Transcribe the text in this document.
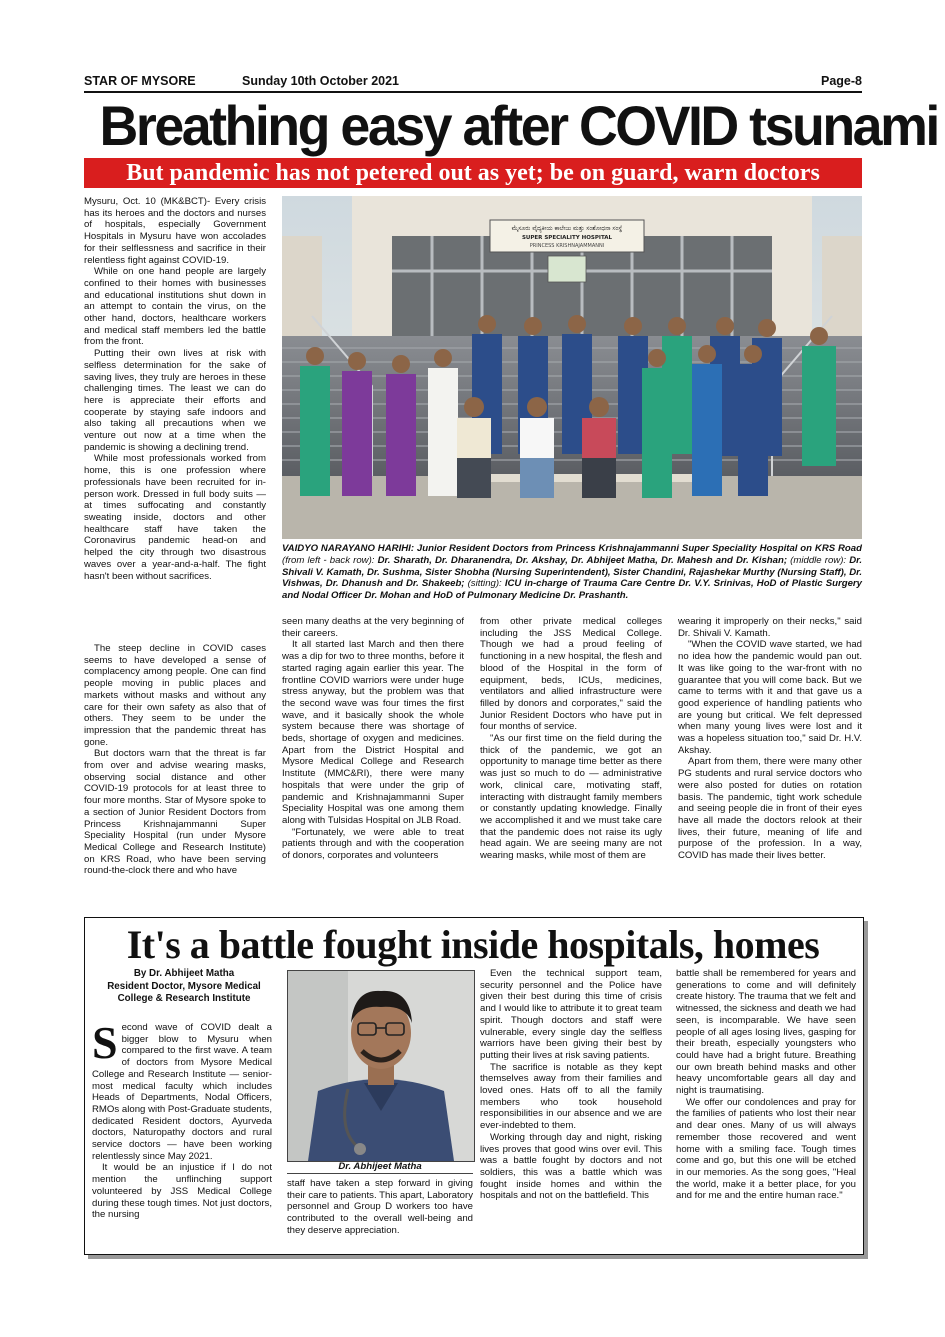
STAR OF MYSORE	Sunday 10th October 2021	Page-8
Breathing easy after COVID tsunami
But pandemic has not petered out as yet; be on guard, warn doctors

Mysuru, Oct. 10 (MK&BCT)- Every crisis has its heroes and the doctors and nurses of hospitals, especially Government Hospitals in Mysuru have won accolades for their selflessness and sacrifice in their relentless fight against COVID-19.

While on one hand people are largely confined to their homes with businesses and educational institutions shut down in an attempt to contain the virus, on the other hand, doctors, healthcare workers and medical staff members led the battle from the front.

Putting their own lives at risk with selfless determination for the sake of saving lives, they truly are heroes in these challenging times. The least we can do here is appreciate their efforts and cooperate by staying safe indoors and also taking all precautions when we venture out now at a time when the pandemic is showing a declining trend.

While most professionals worked from home, this is one profession where professionals have been recruited for in-person work. Dressed in full body suits — at times suffocating and constantly sweating inside, doctors and other healthcare staff have taken the Coronavirus pandemic head-on and helped the city through two disastrous waves over a year-and-a-half. The fight hasn't been without sacrifices.

The steep decline in COVID cases seems to have developed a sense of complacency among people. One can find people moving in public places and markets without masks and without any care for their own safety as also that of others. They seem to be under the impression that the pandemic threat has gone.

But doctors warn that the threat is far from over and advise wearing masks, observing social distance and other COVID-19 protocols for at least three to four more months. Star of Mysore spoke to a section of Junior Resident Doctors from Princess Krishnajammanni Super Speciality Hospital (run under Mysore Medical College and Research Institute) on KRS Road, who have been serving round-the-clock there and who have

ಮೈಸೂರು ವೈದ್ಯಕೀಯ ಕಾಲೇಜು ಮತ್ತು ಸಂಶೋಧನಾ ಸಂಸ್ಥೆ
SUPER SPECIALITY HOSPITAL
PRINCESS KRISHNAJAMMANNI
VAIDYO NARAYANO HARIHI: Junior Resident Doctors from Princess Krishnajammanni Super Speciality Hospital on KRS Road (from left - back row): Dr. Sharath, Dr. Dharanendra, Dr. Akshay, Dr. Abhijeet Matha, Dr. Mahesh and Dr. Kishan; (middle row): Dr. Shivali V. Kamath, Dr. Sushma, Sister Shobha (Nursing Superintendent), Sister Chandini, Rajashekar Murthy (Nursing Staff), Dr. Vishwas, Dr. Dhanush and Dr. Shakeeb; (sitting): ICU in-charge of Trauma Care Centre Dr. V.Y. Srinivas, HoD of Plastic Surgery and Nodal Officer Dr. Mohan and HoD of Pulmonary Medicine Dr. Prashanth.

seen many deaths at the very beginning of their careers.

It all started last March and then there was a dip for two to three months, before it started raging again earlier this year. The frontline COVID warriors were under huge stress anyway, but the problem was that the second wave was four times the first wave, and it basically shook the whole system because there was shortage of beds, shortage of oxygen and medicines. Apart from the District Hospital and Mysore Medical College and Research Institute (MMC&RI), there were many hospitals that were under the grip of pandemic and Krishnajammanni Super Speciality Hospital was one among them along with Tulsidas Hospital on JLB Road.

"Fortunately, we were able to treat patients through and with the cooperation of donors, corporates and volunteers

from other private medical colleges including the JSS Medical College. Though we had a proud feeling of functioning in a new hospital, the flesh and blood of the Hospital in the form of equipment, beds, ICUs, medicines, ventilators and allied infrastructure were filled by donors and corporates," said the Junior Resident Doctors who have put in four months of service.

"As our first time on the field during the thick of the pandemic, we got an opportunity to manage time better as there was just so much to do — administrative work, clinical care, motivating staff, interacting with distraught family members or constantly updating knowledge. Finally we accomplished it and we must take care that the pandemic does not raise its ugly head again. We are seeing many are not wearing masks, while most of them are

wearing it improperly on their necks," said Dr. Shivali V. Kamath.

"When the COVID wave started, we had no idea how the pandemic would pan out. It was like going to the war-front with no guarantee that you will come back. But we came to terms with it and that gave us a good experience of handling patients who are young but critical. We felt depressed when many young lives were lost and it was a hopeless situation too," said Dr. H.V. Akshay.

Apart from them, there were many other PG students and rural service doctors who were also posted for duties on rotation basis. The pandemic, tight work schedule and seeing people die in front of their eyes have all made the doctors relook at their lives, their future, meaning of life and purpose of the profession. In a way, COVID has made their lives better.

It's a battle fought inside hospitals, homes
By Dr. Abhijeet Matha
Resident Doctor, Mysore Medical
College & Research Institute

Second wave of COVID dealt a bigger blow to Mysuru when compared to the first wave. A team of doctors from Mysore Medical College and Research Institute — senior-most medical faculty which includes Heads of Departments, Nodal Officers, RMOs along with Post-Graduate students, dedicated Resident doctors, Ayurveda doctors, Naturopathy doctors and rural service doctors — have been working relentlessly since May 2021.

It would be an injustice if I do not mention the unflinching support volunteered by JSS Medical College during these tough times. Not just doctors, the nursing

Dr. Abhijeet Matha

staff have taken a step forward in giving their care to patients. This apart, Laboratory personnel and Group D workers too have contributed to the overall well-being and they deserve appreciation.

Even the technical support team, security personnel and the Police have given their best during this time of crisis and I would like to attribute it to great team spirit. Though doctors and staff were vulnerable, every single day the selfless warriors have been giving their best by putting their lives at risk saving patients.

The sacrifice is notable as they kept themselves away from their families and loved ones. Hats off to all the family members who took household responsibilities in our absence and we are ever-indebted to them.

Working through day and night, risking lives proves that good wins over evil. This was a battle fought by doctors and not soldiers, this was a battle which was fought inside homes and within the hospitals and not on the battlefield. This

battle shall be remembered for years and generations to come and will definitely create history. The trauma that we felt and witnessed, the sickness and death we had seen, is incomparable. We have seen people of all ages losing lives, gasping for their breath, especially youngsters who could have had a bright future. Breathing our own breath behind masks and other heavy uncomfortable gears all day and night is traumatising.

We offer our condolences and pray for the families of patients who lost their near and dear ones. Many of us will always remember those recovered and went home with a smiling face. Tough times come and go, but this one will be etched in our memories. As the song goes, "Heal the world, make it a better place, for you and for me and the entire human race."
